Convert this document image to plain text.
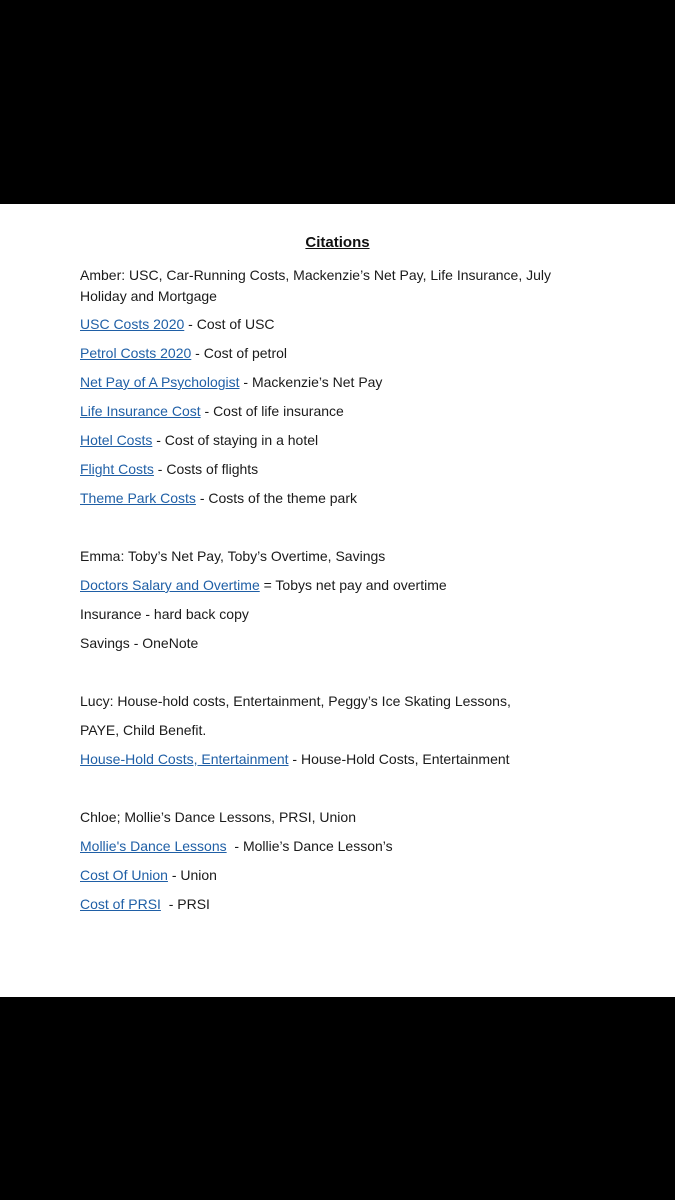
Citations
Amber: USC, Car-Running Costs, Mackenzie’s Net Pay, Life Insurance, July Holiday and Mortgage
USC Costs 2020 - Cost of USC
Petrol Costs 2020 - Cost of petrol
Net Pay of A Psychologist - Mackenzie’s Net Pay
Life Insurance Cost - Cost of life insurance
Hotel Costs - Cost of staying in a hotel
Flight Costs - Costs of flights
Theme Park Costs - Costs of the theme park
Emma: Toby’s Net Pay, Toby’s Overtime, Savings
Doctors Salary and Overtime = Tobys net pay and overtime
Insurance - hard back copy
Savings - OneNote
Lucy: House-hold costs, Entertainment, Peggy’s Ice Skating Lessons,
PAYE, Child Benefit.
House-Hold Costs, Entertainment - House-Hold Costs, Entertainment
Chloe; Mollie’s Dance Lessons, PRSI, Union
Mollie's Dance Lessons  - Mollie’s Dance Lesson’s
Cost Of Union - Union
Cost of PRSI  - PRSI
